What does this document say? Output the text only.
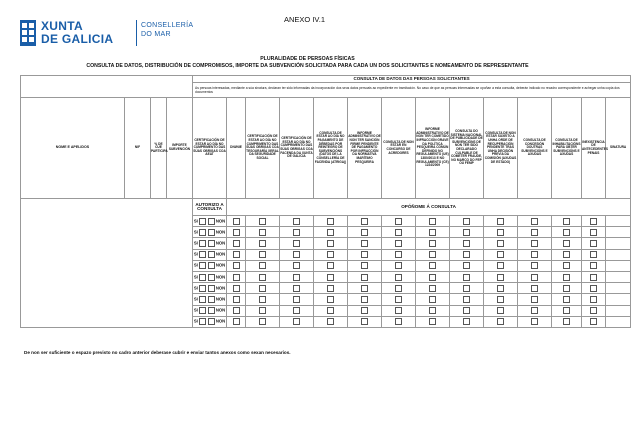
XUNTA
DE GALICIA
CONSELLERÍA
DO MAR
ANEXO IV.1
PLURALIDADE DE PERSOAS FÍSICAS
CONSULTA DE DATOS, DISTRIBUCIÓN DE COMPROMISOS, IMPORTE DA SUBVENCIÓN SOLICITADA PARA CADA UN DOS SOLICITANTES E NOMEAMENTO DE REPRESENTANTE
				CONSULTA DE DATOS DAS PERSOAS SOLICITANTES													
				As persoas interesadas, mediante a súa sinatura, declaran ter sido informadas da incorporación dos seus datos persoais ao expediente en tramitación. No caso de que as persoas interesadas se opoñan a esta consulta, deberán indicalo no recadro correspondente e achegar unha copia dos documentos													
NOME E APELIDOS	NIF	% DE CUE PARTICIPA	IMPORTE SUBVENCIÓN	CERTIFICACIÓN DE ESTAR AO DÍA NO CUMPRIMENTO DAS SÚAS OBRIGAS COA AEAT	DNI/NIE	CERTIFICACIÓN DE ESTAR AO DÍA NO CUMPRIMENTO DAS SÚAS OBRIGAS COA TESOURARÍA XERAL DA SEGURIDADE SOCIAL	CERTIFICACIÓN DE ESTAR AO DÍA NO CUMPRIMENTO DAS SÚAS OBRIGAS COA FACENDA DA XUNTA DE GALICIA	CONSULTA DE ESTAR AO DÍA NO PAGAMENTO DE DÉBEDAS POR REINTEGRO DE SUBVENCIÓNS (DATOS DE LA CONSELLERÍA DE FACENDA (ATRIGA))	INFORME ADMINISTRATIVO DE NON TER SANCIÓN FIRME PENDENTE DE PAGAMENTO POR INFRACCIÓN DA NORMATIVA MARÍTIMO PESQUEIRA	CONSULTA DE NON ESTAR EN CONCURSO DE ACREDORES	INFORME ADMINISTRATIVO DE NON TER COMETIDO INFRACCIÓN GRAVE DA POLÍTICA PESQUEIRA COMÚN DEFINIDO NO REGULAMENTO (UE) 1380/2013 E NO REGULAMENTO (CE) 1224/2009	CONSULTA DO SISTEMA NACIONAL DE PUBLICIDADE DE SUBVENCIÓNS DE NON TER SIDO DECLARADO CULPABLE DE COMETER FRAUDE, NO MARCO DO FEP OU FEMP	CONSULTA DE NON ESTAR SUXEITO A UNHA ORDE DE RECUPERACIÓN PENDENTE TRAS UNHA DECISIÓN PREVIA DA COMISIÓN (AXUDAS DE ESTADO)	CONSULTA DE CONCESIÓN DOUTRAS SUBVENCIÓNS E AXUDAS	CONSULTA DE INHABILITACIÓNS PARA OBTER SUBVENCIÓNS E AXUDAS	INEXISTENCIA DE ANTECEDENTES PENAIS	SINATURA
				AUTORIZO A CONSULTA	OPÓÑOME Á CONSULTA												
				SI NON													
				SI NON													
				SI NON													
				SI NON													
				SI NON													
				SI NON													
				SI NON													
				SI NON													
				SI NON													
				SI NON													
De non ser suficiente o espazo previsto no cadro anterior deberase cubrir e enviar tantos anexos como sexan necesarios.
